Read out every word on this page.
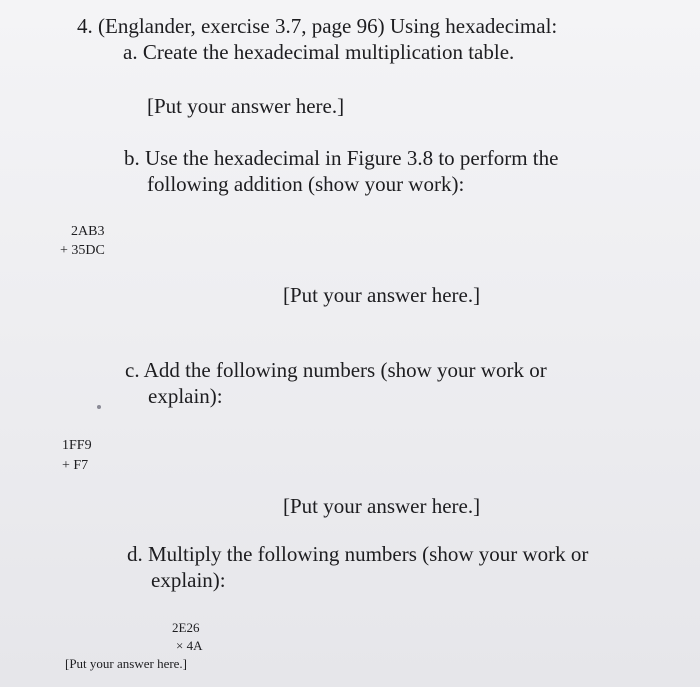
4. (Englander, exercise 3.7, page 96) Using hexadecimal:

a. Create the hexadecimal multiplication table.

[Put your answer here.]

b. Use the hexadecimal in Figure 3.8 to perform the

following addition (show your work):

2AB3

+ 35DC

[Put your answer here.]

c. Add the following numbers (show your work or

explain):

1FF9

+ F7

[Put your answer here.]

d. Multiply the following numbers (show your work or

explain):

2E26

× 4A

[Put your answer here.]
